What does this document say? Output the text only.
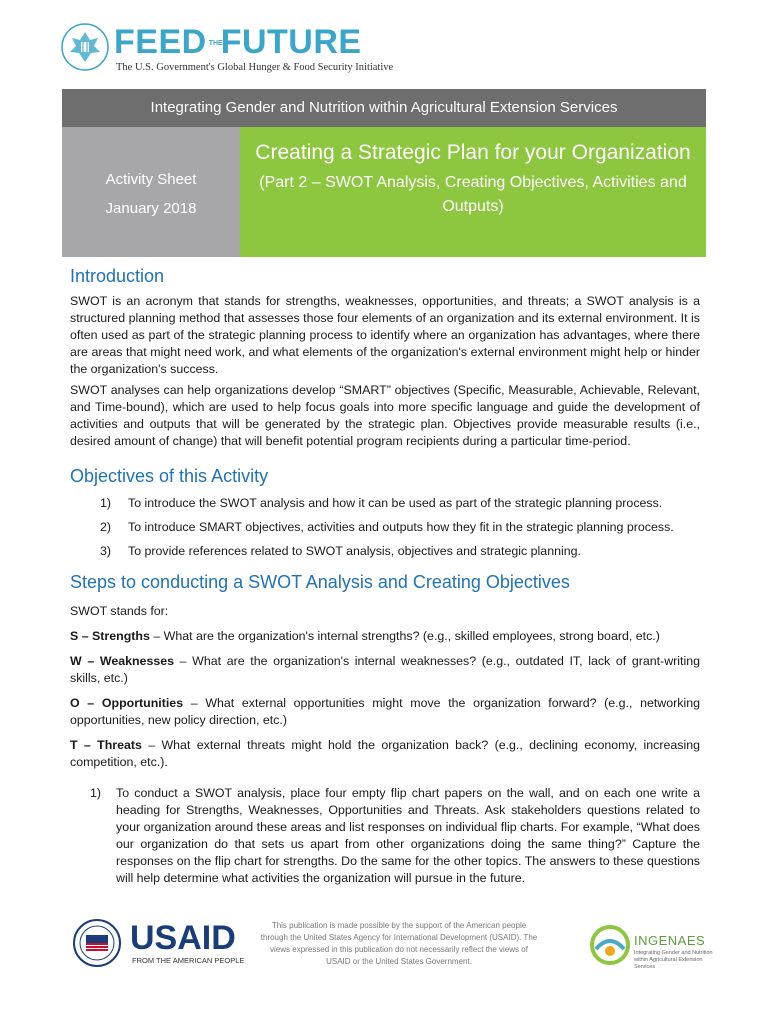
FEED THEFUTURE
The U.S. Government's Global Hunger & Food Security Initiative
Integrating Gender and Nutrition within Agricultural Extension Services
Activity Sheet
January 2018
Creating a Strategic Plan for your Organization
(Part 2 – SWOT Analysis, Creating Objectives, Activities and Outputs)
Introduction

SWOT is an acronym that stands for strengths, weaknesses, opportunities, and threats; a SWOT analysis is a structured planning method that assesses those four elements of an organization and its external environment. It is often used as part of the strategic planning process to identify where an organization has advantages, where there are areas that might need work, and what elements of the organization's external environment might help or hinder the organization's success.

SWOT analyses can help organizations develop “SMART” objectives (Specific, Measurable, Achievable, Relevant, and Time-bound), which are used to help focus goals into more specific language and guide the development of activities and outputs that will be generated by the strategic plan. Objectives provide measurable results (i.e., desired amount of change) that will benefit potential program recipients during a particular time-period.

Objectives of this Activity
1)	To introduce the SWOT analysis and how it can be used as part of the strategic planning process.
2)	To introduce SMART objectives, activities and outputs how they fit in the strategic planning process.
3)	To provide references related to SWOT analysis, objectives and strategic planning.
Steps to conducting a SWOT Analysis and Creating Objectives

SWOT stands for:

S – Strengths – What are the organization's internal strengths? (e.g., skilled employees, strong board, etc.)

W – Weaknesses – What are the organization's internal weaknesses? (e.g., outdated IT, lack of grant-writing skills, etc.)

O – Opportunities – What external opportunities might move the organization forward? (e.g., networking opportunities, new policy direction, etc.)

T – Threats – What external threats might hold the organization back? (e.g., declining economy, increasing competition, etc.).

1)	To conduct a SWOT analysis, place four empty flip chart papers on the wall, and on each one write a heading for Strengths, Weaknesses, Opportunities and Threats. Ask stakeholders questions related to your organization around these areas and list responses on individual flip charts. For example, “What does our organization do that sets us apart from other organizations doing the same thing?” Capture the responses on the flip chart for strengths. Do the same for the other topics. The answers to these questions will help determine what activities the organization will pursue in the future.

USAID
FROM THE AMERICAN PEOPLE
This publication is made possible by the support of the American people through the United States Agency for International Development (USAID). The views expressed in this publication do not necessarily reflect the views of USAID or the United States Government.
INGENAES
Integrating Gender and Nutrition within Agricultural Extension Services
